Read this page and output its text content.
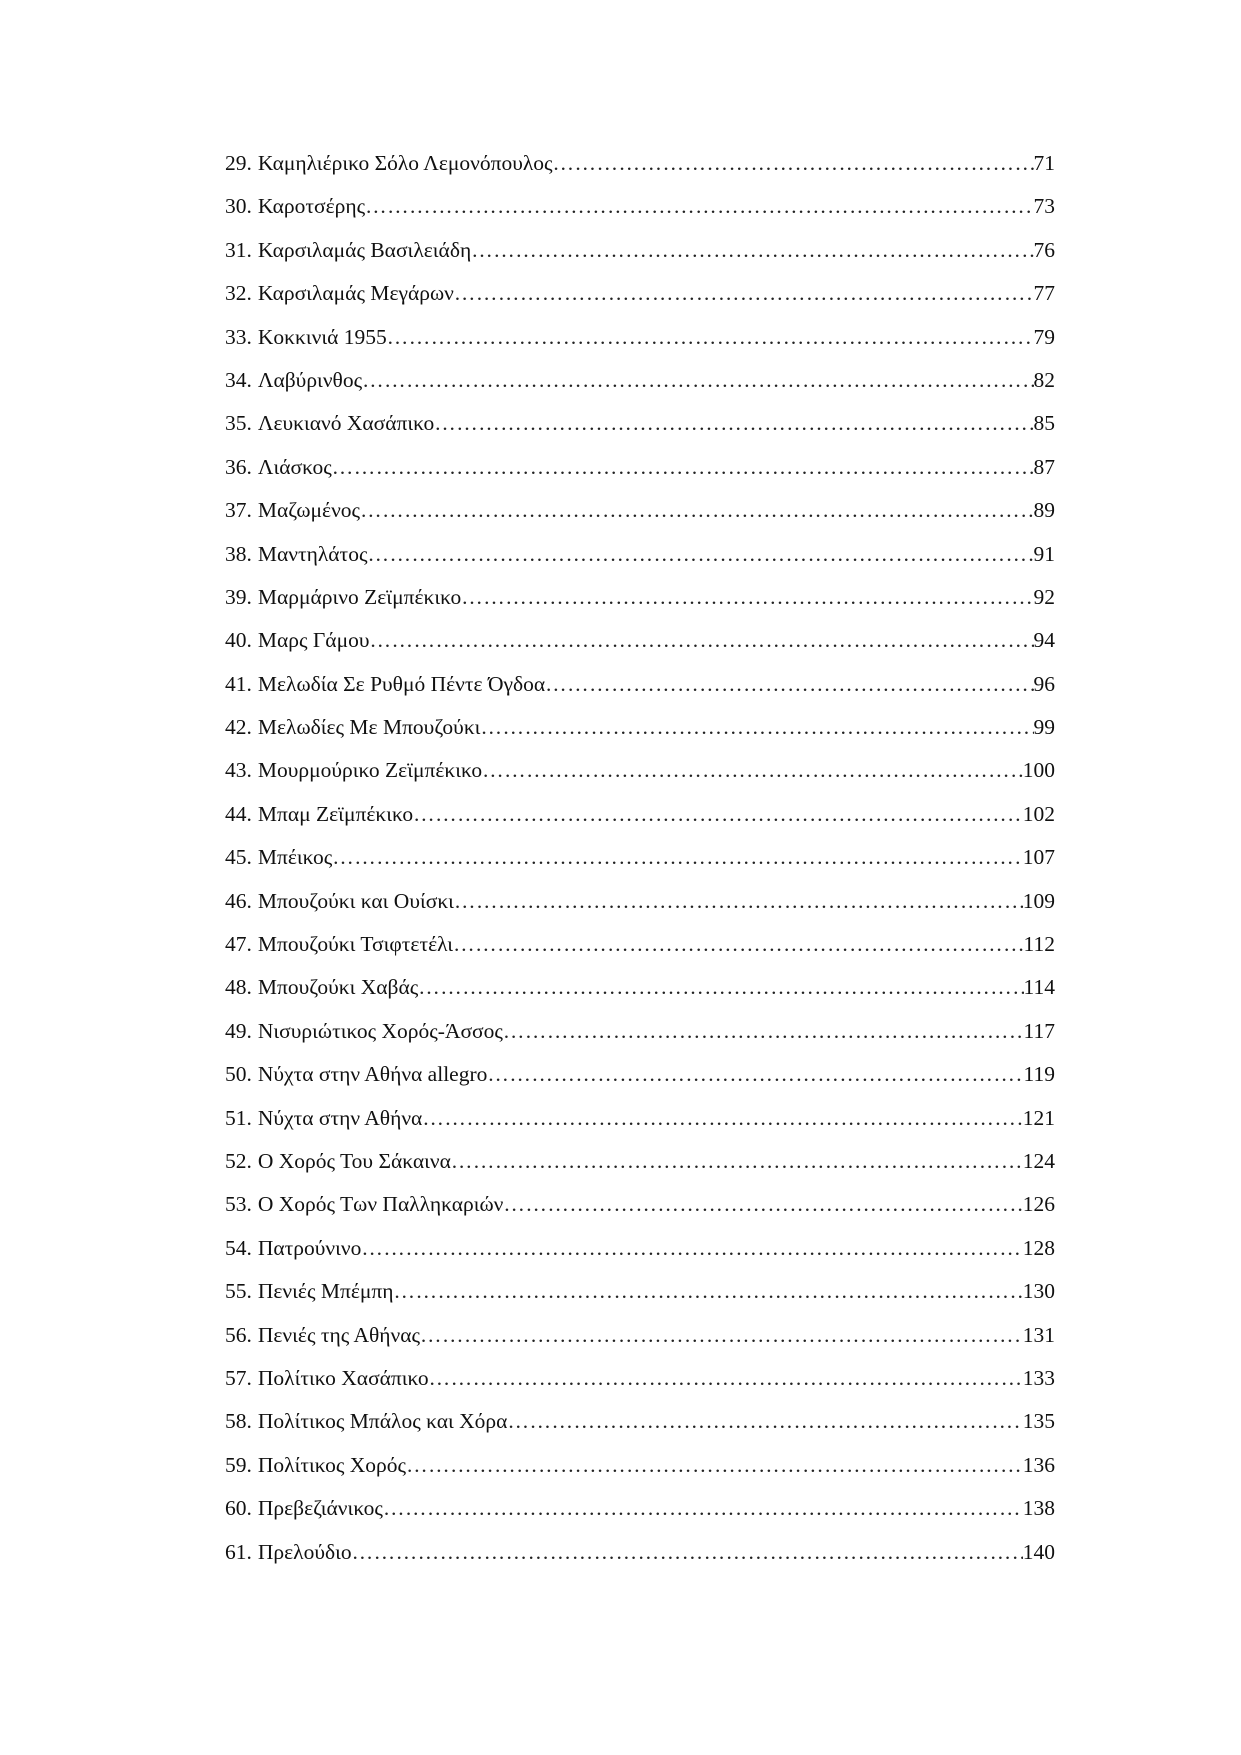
29. Καμηλιέρικο Σόλο Λεμονόπουλος ………………………………………………………………………………………………………………………………………………………………………………	71
30. Καροτσέρης ………………………………………………………………………………………………………………………………………………………………………………	73
31. Καρσιλαμάς Βασιλειάδη ………………………………………………………………………………………………………………………………………………………………………………	76
32. Καρσιλαμάς Μεγάρων ………………………………………………………………………………………………………………………………………………………………………………	77
33. Κοκκινιά 1955 ………………………………………………………………………………………………………………………………………………………………………………	79
34. Λαβύρινθος ………………………………………………………………………………………………………………………………………………………………………………	82
35. Λευκιανό Χασάπικο ………………………………………………………………………………………………………………………………………………………………………………	85
36. Λιάσκος ………………………………………………………………………………………………………………………………………………………………………………	87
37. Μαζωμένος ………………………………………………………………………………………………………………………………………………………………………………	89
38. Μαντηλάτος ………………………………………………………………………………………………………………………………………………………………………………	91
39. Μαρμάρινο Ζεϊμπέκικο ………………………………………………………………………………………………………………………………………………………………………………	92
40. Μαρς Γάμου ………………………………………………………………………………………………………………………………………………………………………………	94
41. Μελωδία Σε Ρυθμό Πέντε Όγδοα ………………………………………………………………………………………………………………………………………………………………………………	96
42. Μελωδίες Με Μπουζούκι ………………………………………………………………………………………………………………………………………………………………………………	99
43. Μουρμούρικο Ζεϊμπέκικο ………………………………………………………………………………………………………………………………………………………………………………	100
44. Μπαμ Ζεϊμπέκικο ………………………………………………………………………………………………………………………………………………………………………………	102
45. Μπέικος ………………………………………………………………………………………………………………………………………………………………………………	107
46. Μπουζούκι και Ουίσκι ………………………………………………………………………………………………………………………………………………………………………………	109
47. Μπουζούκι Τσιφτετέλι ………………………………………………………………………………………………………………………………………………………………………………	112
48. Μπουζούκι Χαβάς ………………………………………………………………………………………………………………………………………………………………………………	114
49. Νισυριώτικος Χορός-Άσσος ………………………………………………………………………………………………………………………………………………………………………………	117
50. Νύχτα στην Αθήνα allegro ………………………………………………………………………………………………………………………………………………………………………………	119
51. Νύχτα στην Αθήνα ………………………………………………………………………………………………………………………………………………………………………………	121
52. Ο Χορός Του Σάκαινα ………………………………………………………………………………………………………………………………………………………………………………	124
53. Ο Χορός Των Παλληκαριών ………………………………………………………………………………………………………………………………………………………………………………	126
54. Πατρούνινο ………………………………………………………………………………………………………………………………………………………………………………	128
55. Πενιές Μπέμπη ………………………………………………………………………………………………………………………………………………………………………………	130
56. Πενιές της Αθήνας ………………………………………………………………………………………………………………………………………………………………………………	131
57. Πολίτικο Χασάπικο ………………………………………………………………………………………………………………………………………………………………………………	133
58. Πολίτικος Μπάλος και Χόρα ………………………………………………………………………………………………………………………………………………………………………………	135
59. Πολίτικος Χορός ………………………………………………………………………………………………………………………………………………………………………………	136
60. Πρεβεζιάνικος ………………………………………………………………………………………………………………………………………………………………………………	138
61. Πρελούδιο ………………………………………………………………………………………………………………………………………………………………………………	140
